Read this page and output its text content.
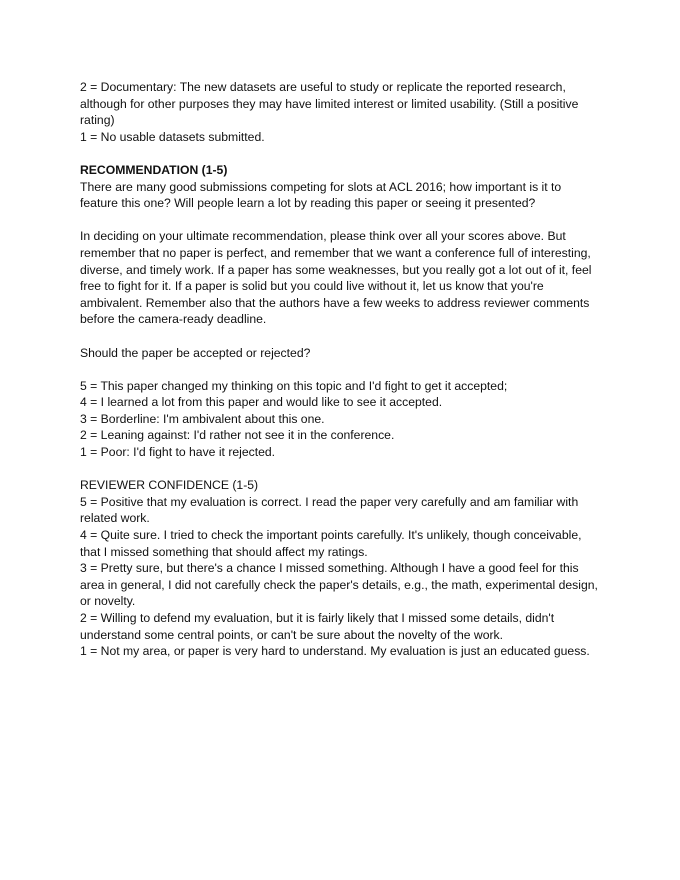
2 = Documentary: The new datasets are useful to study or replicate the reported research,
although for other purposes they may have limited interest or limited usability. (Still a positive
rating)

1 = No usable datasets submitted.

RECOMMENDATION (1-5)

There are many good submissions competing for slots at ACL 2016; how important is it to
feature this one? Will people learn a lot by reading this paper or seeing it presented?

In deciding on your ultimate recommendation, please think over all your scores above. But
remember that no paper is perfect, and remember that we want a conference full of interesting,
diverse, and timely work. If a paper has some weaknesses, but you really got a lot out of it, feel
free to fight for it. If a paper is solid but you could live without it, let us know that you're
ambivalent. Remember also that the authors have a few weeks to address reviewer comments
before the camera-ready deadline.

Should the paper be accepted or rejected?

5 = This paper changed my thinking on this topic and I'd fight to get it accepted;

4 = I learned a lot from this paper and would like to see it accepted.

3 = Borderline: I'm ambivalent about this one.

2 = Leaning against: I'd rather not see it in the conference.

1 = Poor: I'd fight to have it rejected.

REVIEWER CONFIDENCE (1-5)

5 = Positive that my evaluation is correct. I read the paper very carefully and am familiar with
related work.

4 = Quite sure. I tried to check the important points carefully. It's unlikely, though conceivable,
that I missed something that should affect my ratings.

3 = Pretty sure, but there's a chance I missed something. Although I have a good feel for this
area in general, I did not carefully check the paper's details, e.g., the math, experimental design,
or novelty.

2 = Willing to defend my evaluation, but it is fairly likely that I missed some details, didn't
understand some central points, or can't be sure about the novelty of the work.

1 = Not my area, or paper is very hard to understand. My evaluation is just an educated guess.
